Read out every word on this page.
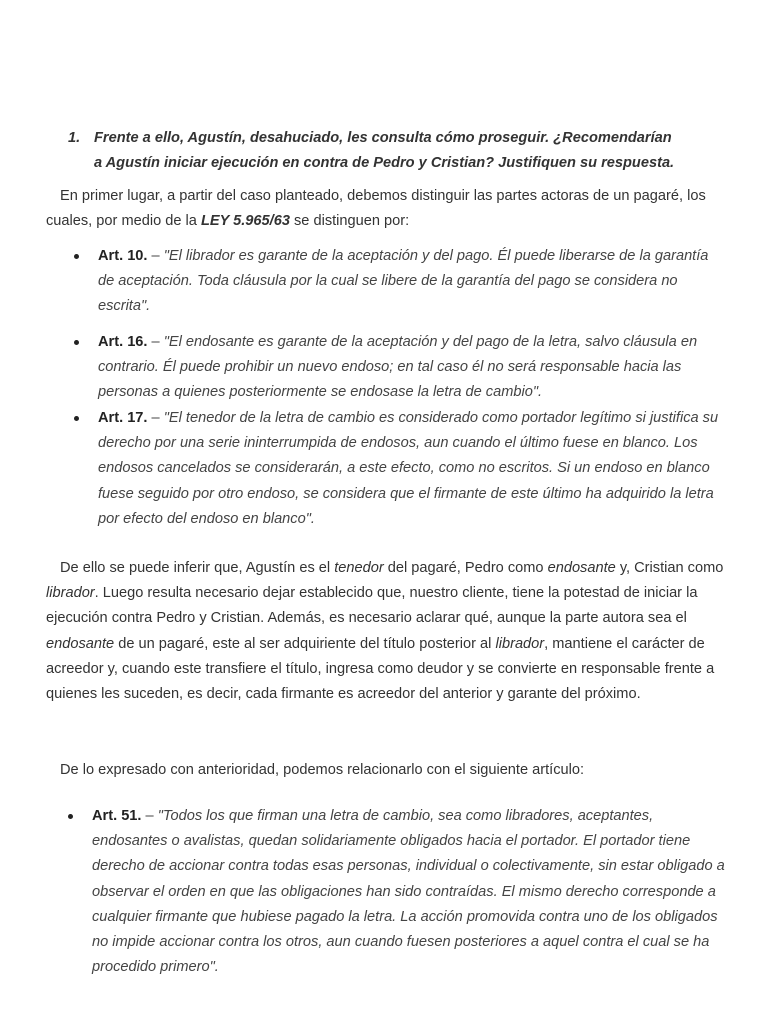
1. Frente a ello, Agustín, desahuciado, les consulta cómo proseguir. ¿Recomendarían
a Agustín iniciar ejecución en contra de Pedro y Cristian? Justifiquen su respuesta.
En primer lugar, a partir del caso planteado, debemos distinguir las partes actoras de un pagaré, los cuales, por medio de la LEY 5.965/63 se distinguen por:
Art. 10. – "El librador es garante de la aceptación y del pago. Él puede liberarse de la garantía de aceptación. Toda cláusula por la cual se libere de la garantía del pago se considera no escrita".
Art. 16. – "El endosante es garante de la aceptación y del pago de la letra, salvo cláusula en contrario. Él puede prohibir un nuevo endoso; en tal caso él no será responsable hacia las personas a quienes posteriormente se endosase la letra de cambio".
Art. 17. – "El tenedor de la letra de cambio es considerado como portador legítimo si justifica su derecho por una serie ininterrumpida de endosos, aun cuando el último fuese en blanco. Los endosos cancelados se considerarán, a este efecto, como no escritos. Si un endoso en blanco fuese seguido por otro endoso, se considera que el firmante de este último ha adquirido la letra por efecto del endoso en blanco".
De ello se puede inferir que, Agustín es el tenedor del pagaré, Pedro como endosante y, Cristian como librador. Luego resulta necesario dejar establecido que, nuestro cliente, tiene la potestad de iniciar la ejecución contra Pedro y Cristian. Además, es necesario aclarar qué, aunque la parte autora sea el endosante de un pagaré, este al ser adquiriente del título posterior al librador, mantiene el carácter de acreedor y, cuando este transfiere el título, ingresa como deudor y se convierte en responsable frente a quienes les suceden, es decir, cada firmante es acreedor del anterior y garante del próximo.
De lo expresado con anterioridad, podemos relacionarlo con el siguiente artículo:
Art. 51. – "Todos los que firman una letra de cambio, sea como libradores, aceptantes, endosantes o avalistas, quedan solidariamente obligados hacia el portador. El portador tiene derecho de accionar contra todas esas personas, individual o colectivamente, sin estar obligado a observar el orden en que las obligaciones han sido contraídas. El mismo derecho corresponde a cualquier firmante que hubiese pagado la letra. La acción promovida contra uno de los obligados no impide accionar contra los otros, aun cuando fuesen posteriores a aquel contra el cual se ha procedido primero".
